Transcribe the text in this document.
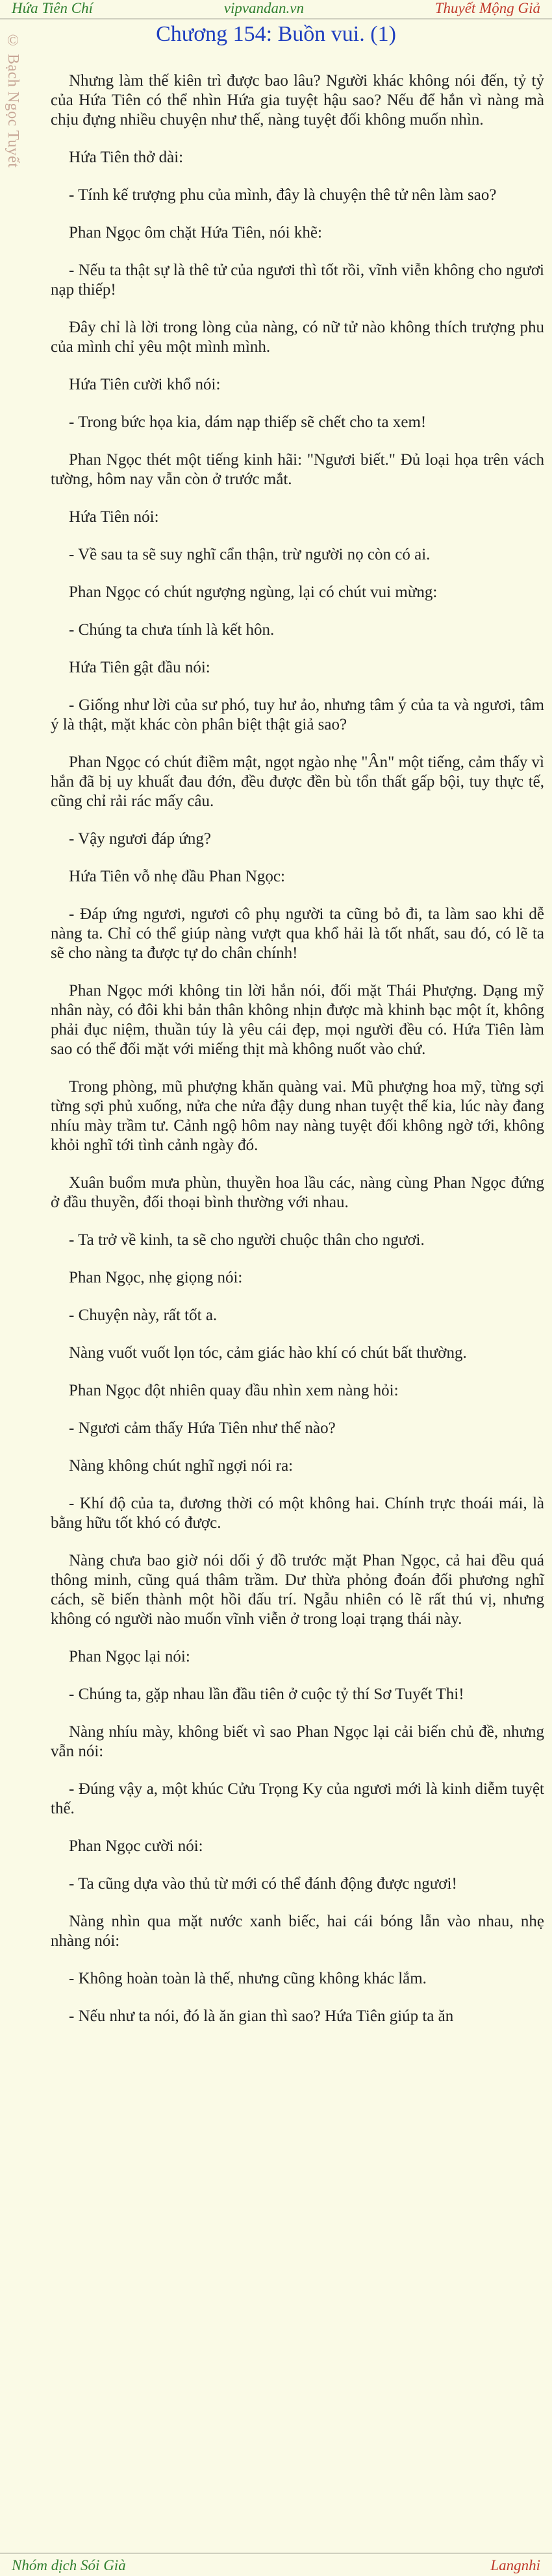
Hứa Tiên Chí	vipvandan.vn	Thuyết Mộng Giả
© Bạch Ngọc Tuyết	Chương 154: Buồn vui. (1)

Nhưng làm thế kiên trì được bao lâu? Người khác không nói đến, tỷ tỷ của Hứa Tiên có thể nhìn Hứa gia tuyệt hậu sao? Nếu để hắn vì nàng mà chịu đựng nhiều chuyện như thế, nàng tuyệt đối không muốn nhìn.

Hứa Tiên thở dài:

- Tính kế trượng phu của mình, đây là chuyện thê tử nên làm sao?

Phan Ngọc ôm chặt Hứa Tiên, nói khẽ:

- Nếu ta thật sự là thê tử của ngươi thì tốt rồi, vĩnh viễn không cho ngươi nạp thiếp!

Đây chỉ là lời trong lòng của nàng, có nữ tử nào không thích trượng phu của mình chỉ yêu một mình mình.

Hứa Tiên cười khổ nói:

- Trong bức họa kia, dám nạp thiếp sẽ chết cho ta xem!

Phan Ngọc thét một tiếng kinh hãi: "Ngươi biết." Đủ loại họa trên vách tường, hôm nay vẫn còn ở trước mắt.

Hứa Tiên nói:

- Về sau ta sẽ suy nghĩ cẩn thận, trừ người nọ còn có ai.

Phan Ngọc có chút ngượng ngùng, lại có chút vui mừng:

- Chúng ta chưa tính là kết hôn.

Hứa Tiên gật đầu nói:

- Giống như lời của sư phó, tuy hư ảo, nhưng tâm ý của ta và ngươi, tâm ý là thật, mặt khác còn phân biệt thật giả sao?

Phan Ngọc có chút điềm mật, ngọt ngào nhẹ "Ân" một tiếng, cảm thấy vì hắn đã bị uy khuất đau đớn, đều được đền bù tổn thất gấp bội, tuy thực tế, cũng chỉ rải rác mấy câu.

- Vậy ngươi đáp ứng?

Hứa Tiên vỗ nhẹ đầu Phan Ngọc:

- Đáp ứng ngươi, ngươi cô phụ người ta cũng bỏ đi, ta làm sao khi dễ nàng ta. Chỉ có thể giúp nàng vượt qua khổ hải là tốt nhất, sau đó, có lẽ ta sẽ cho nàng ta được tự do chân chính!

Phan Ngọc mới không tin lời hắn nói, đối mặt Thái Phượng. Dạng mỹ nhân này, có đôi khi bản thân không nhịn được mà khinh bạc một ít, không phải đục niệm, thuần túy là yêu cái đẹp, mọi người đều có. Hứa Tiên làm sao có thể đối mặt với miếng thịt mà không nuốt vào chứ.

Trong phòng, mũ phượng khăn quàng vai. Mũ phượng hoa mỹ, từng sợi từng sợi phủ xuống, nửa che nửa đậy dung nhan tuyệt thế kia, lúc này đang nhíu mày trầm tư. Cảnh ngộ hôm nay nàng tuyệt đối không ngờ tới, không khỏi nghĩ tới tình cảnh ngày đó.

Xuân buổm mưa phùn, thuyền hoa lầu các, nàng cùng Phan Ngọc đứng ở đầu thuyền, đối thoại bình thường với nhau.

- Ta trở về kinh, ta sẽ cho người chuộc thân cho ngươi.

Phan Ngọc, nhẹ giọng nói:

- Chuyện này, rất tốt a.

Nàng vuốt vuốt lọn tóc, cảm giác hào khí có chút bất thường.

Phan Ngọc đột nhiên quay đầu nhìn xem nàng hỏi:

- Ngươi cảm thấy Hứa Tiên như thế nào?

Nàng không chút nghĩ ngợi nói ra:

- Khí độ của ta, đương thời có một không hai. Chính trực thoái mái, là bằng hữu tốt khó có được.

Nàng chưa bao giờ nói dối ý đồ trước mặt Phan Ngọc, cả hai đều quá thông minh, cũng quá thâm trầm. Dư thừa phỏng đoán đối phương nghĩ cách, sẽ biến thành một hồi đấu trí. Ngẫu nhiên có lẽ rất thú vị, nhưng không có người nào muốn vĩnh viễn ở trong loại trạng thái này.

Phan Ngọc lại nói:

- Chúng ta, gặp nhau lần đầu tiên ở cuộc tỷ thí Sơ Tuyết Thi!

Nàng nhíu mày, không biết vì sao Phan Ngọc lại cải biến chủ đề, nhưng vẫn nói:

- Đúng vậy a, một khúc Cửu Trọng Ky của ngươi mới là kinh diễm tuyệt thế.

Phan Ngọc cười nói:

- Ta cũng dựa vào thủ từ mới có thể đánh động được ngươi!

Nàng nhìn qua mặt nước xanh biếc, hai cái bóng lẫn vào nhau, nhẹ nhàng nói:

- Không hoàn toàn là thế, nhưng cũng không khác lắm.

- Nếu như ta nói, đó là ăn gian thì sao? Hứa Tiên giúp ta ăn

Nhóm dịch Sói Già	Langnhi
